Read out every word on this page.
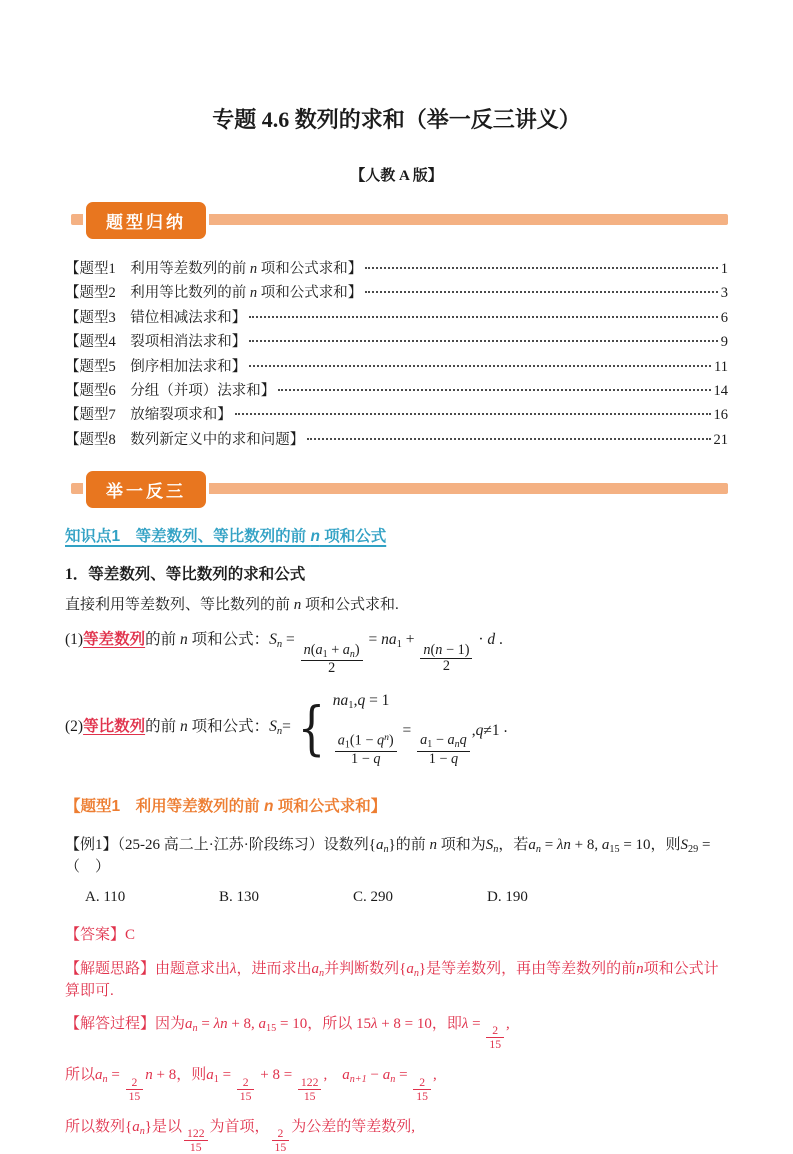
专题 4.6 数列的求和（举一反三讲义）
【人教 A 版】
题型归纳
【题型1　利用等差数列的前 n 项和公式求和】	1
【题型2　利用等比数列的前 n 项和公式求和】	3
【题型3　错位相减法求和】	6
【题型4　裂项相消法求和】	9
【题型5　倒序相加法求和】	11
【题型6　分组（并项）法求和】	14
【题型7　放缩裂项求和】	16
【题型8　数列新定义中的求和问题】	21
举一反三
知识点1　等差数列、等比数列的前 n 项和公式
1．等差数列、等比数列的求和公式
直接利用等差数列、等比数列的前 n 项和公式求和.
(1)等差数列的前 n 项和公式：$S_n$ =
$\frac{n(a_1 + a_n)}{2}$
= $na_1$ +
$\frac{n(n - 1)}{2}$
· d .
(2)等比数列的前 n 项和公式：$S_n=$ { $na_1,q = 1$
$\frac{a_1(1 - q^n)}{1 - q}$
=
$\frac{a_1 - a_nq}{1 - q}$
,q≠1 .
【题型1　利用等差数列的前 n 项和公式求和】
【例1】（25-26 高二上·江苏·阶段练习）设数列$\{a_n\}$的前 n 项和为$S_n$，若$a_n = \lambda n + 8$, $a_{15} = 10$，则$S_{29}$ = （　）
A. 110	B. 130	C. 290	D. 190
【答案】C
【解题思路】由题意求出λ，进而求出$a_n$并判断数列$\{a_n\}$是等差数列，再由等差数列的前n项和公式计算即可.
【解答过程】因为$a_n = \lambda n + 8$, $a_{15} = 10$，所以 15λ + 8 = 10，即λ =
$\frac{2}{15}$
,
所以$a_n$ =
$\frac{2}{15}$
n + 8，则$a_1$ =
$\frac{2}{15}$
+ 8 =
$\frac{122}{15}$
,　$a_{n+1} - a_n$ =
$\frac{2}{15}$
,
所以数列$\{a_n\}$是以
$\frac{122}{15}$
为首项，
$\frac{2}{15}$
为公差的等差数列,
